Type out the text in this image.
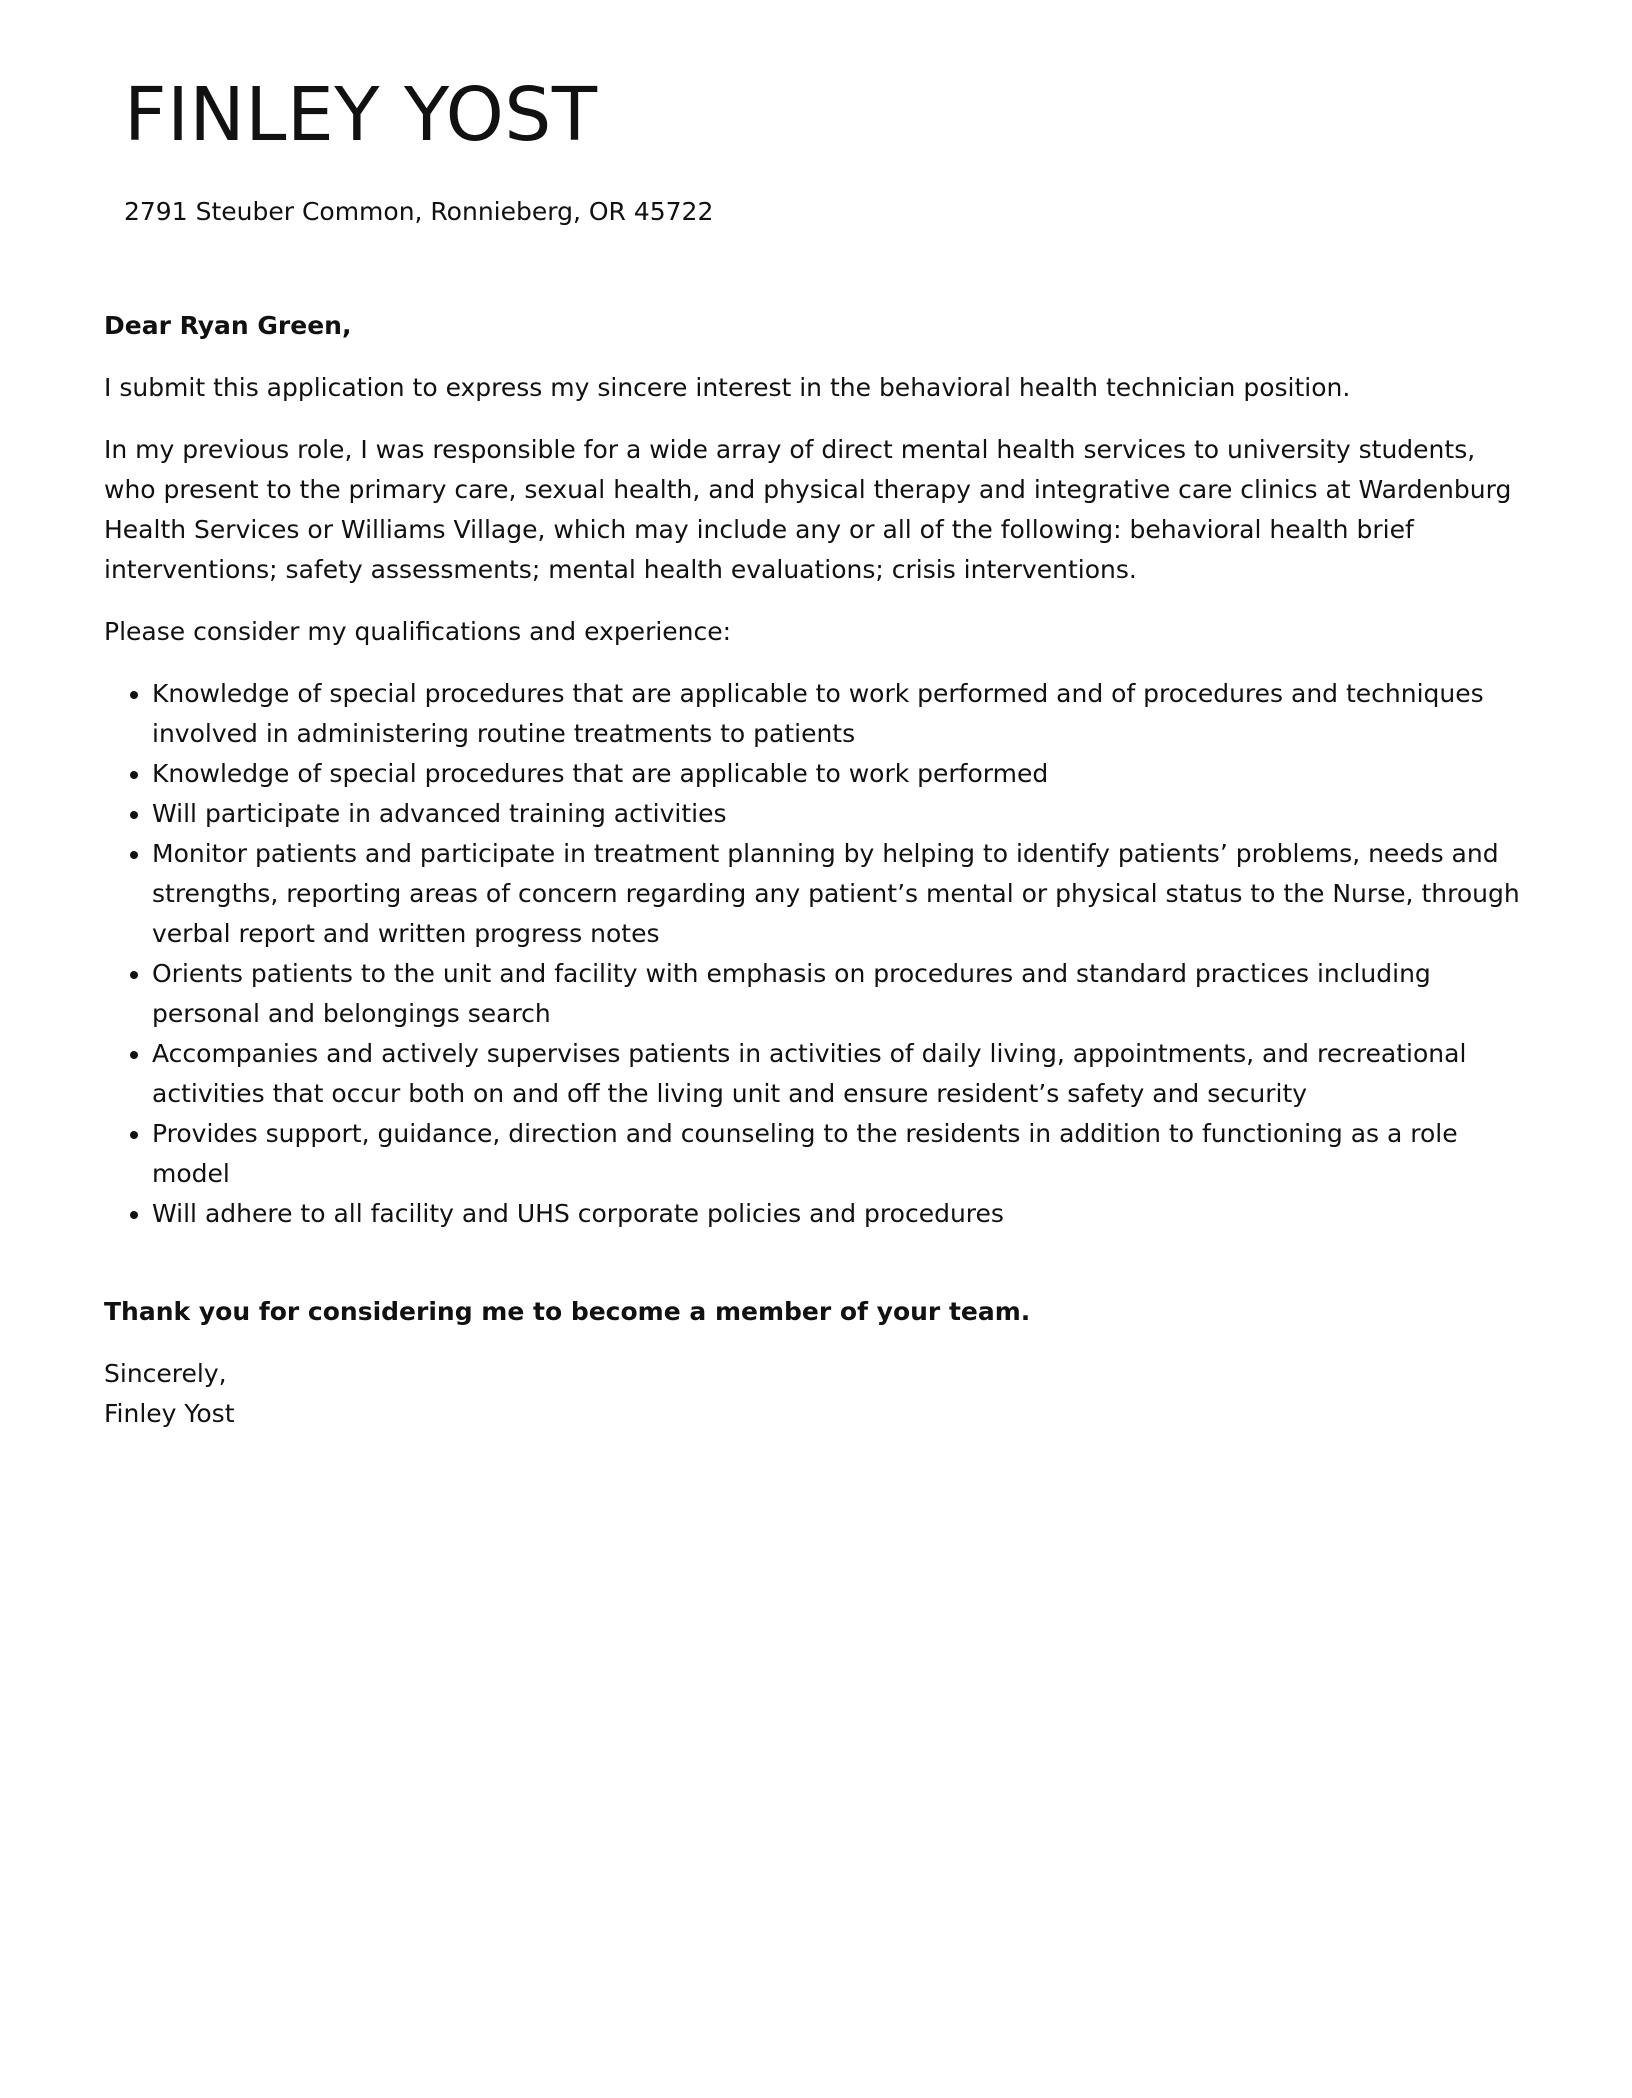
FINLEY YOST
2791 Steuber Common, Ronnieberg, OR 45722

Dear Ryan Green,

I submit this application to express my sincere interest in the behavioral health technician position.

In my previous role, I was responsible for a wide array of direct mental health services to university students, who present to the primary care, sexual health, and physical therapy and integrative care clinics at Wardenburg Health Services or Williams Village, which may include any or all of the following: behavioral health brief interventions; safety assessments; mental health evaluations; crisis interventions.

Please consider my qualifications and experience:

• Knowledge of special procedures that are applicable to work performed and of procedures and techniques involved in administering routine treatments to patients
• Knowledge of special procedures that are applicable to work performed
• Will participate in advanced training activities
• Monitor patients and participate in treatment planning by helping to identify patients’ problems, needs and strengths, reporting areas of concern regarding any patient’s mental or physical status to the Nurse, through verbal report and written progress notes
• Orients patients to the unit and facility with emphasis on procedures and standard practices including personal and belongings search
• Accompanies and actively supervises patients in activities of daily living, appointments, and recreational activities that occur both on and off the living unit and ensure resident’s safety and security
• Provides support, guidance, direction and counseling to the residents in addition to functioning as a role model
• Will adhere to all facility and UHS corporate policies and procedures

Thank you for considering me to become a member of your team.

Sincerely,
Finley Yost
